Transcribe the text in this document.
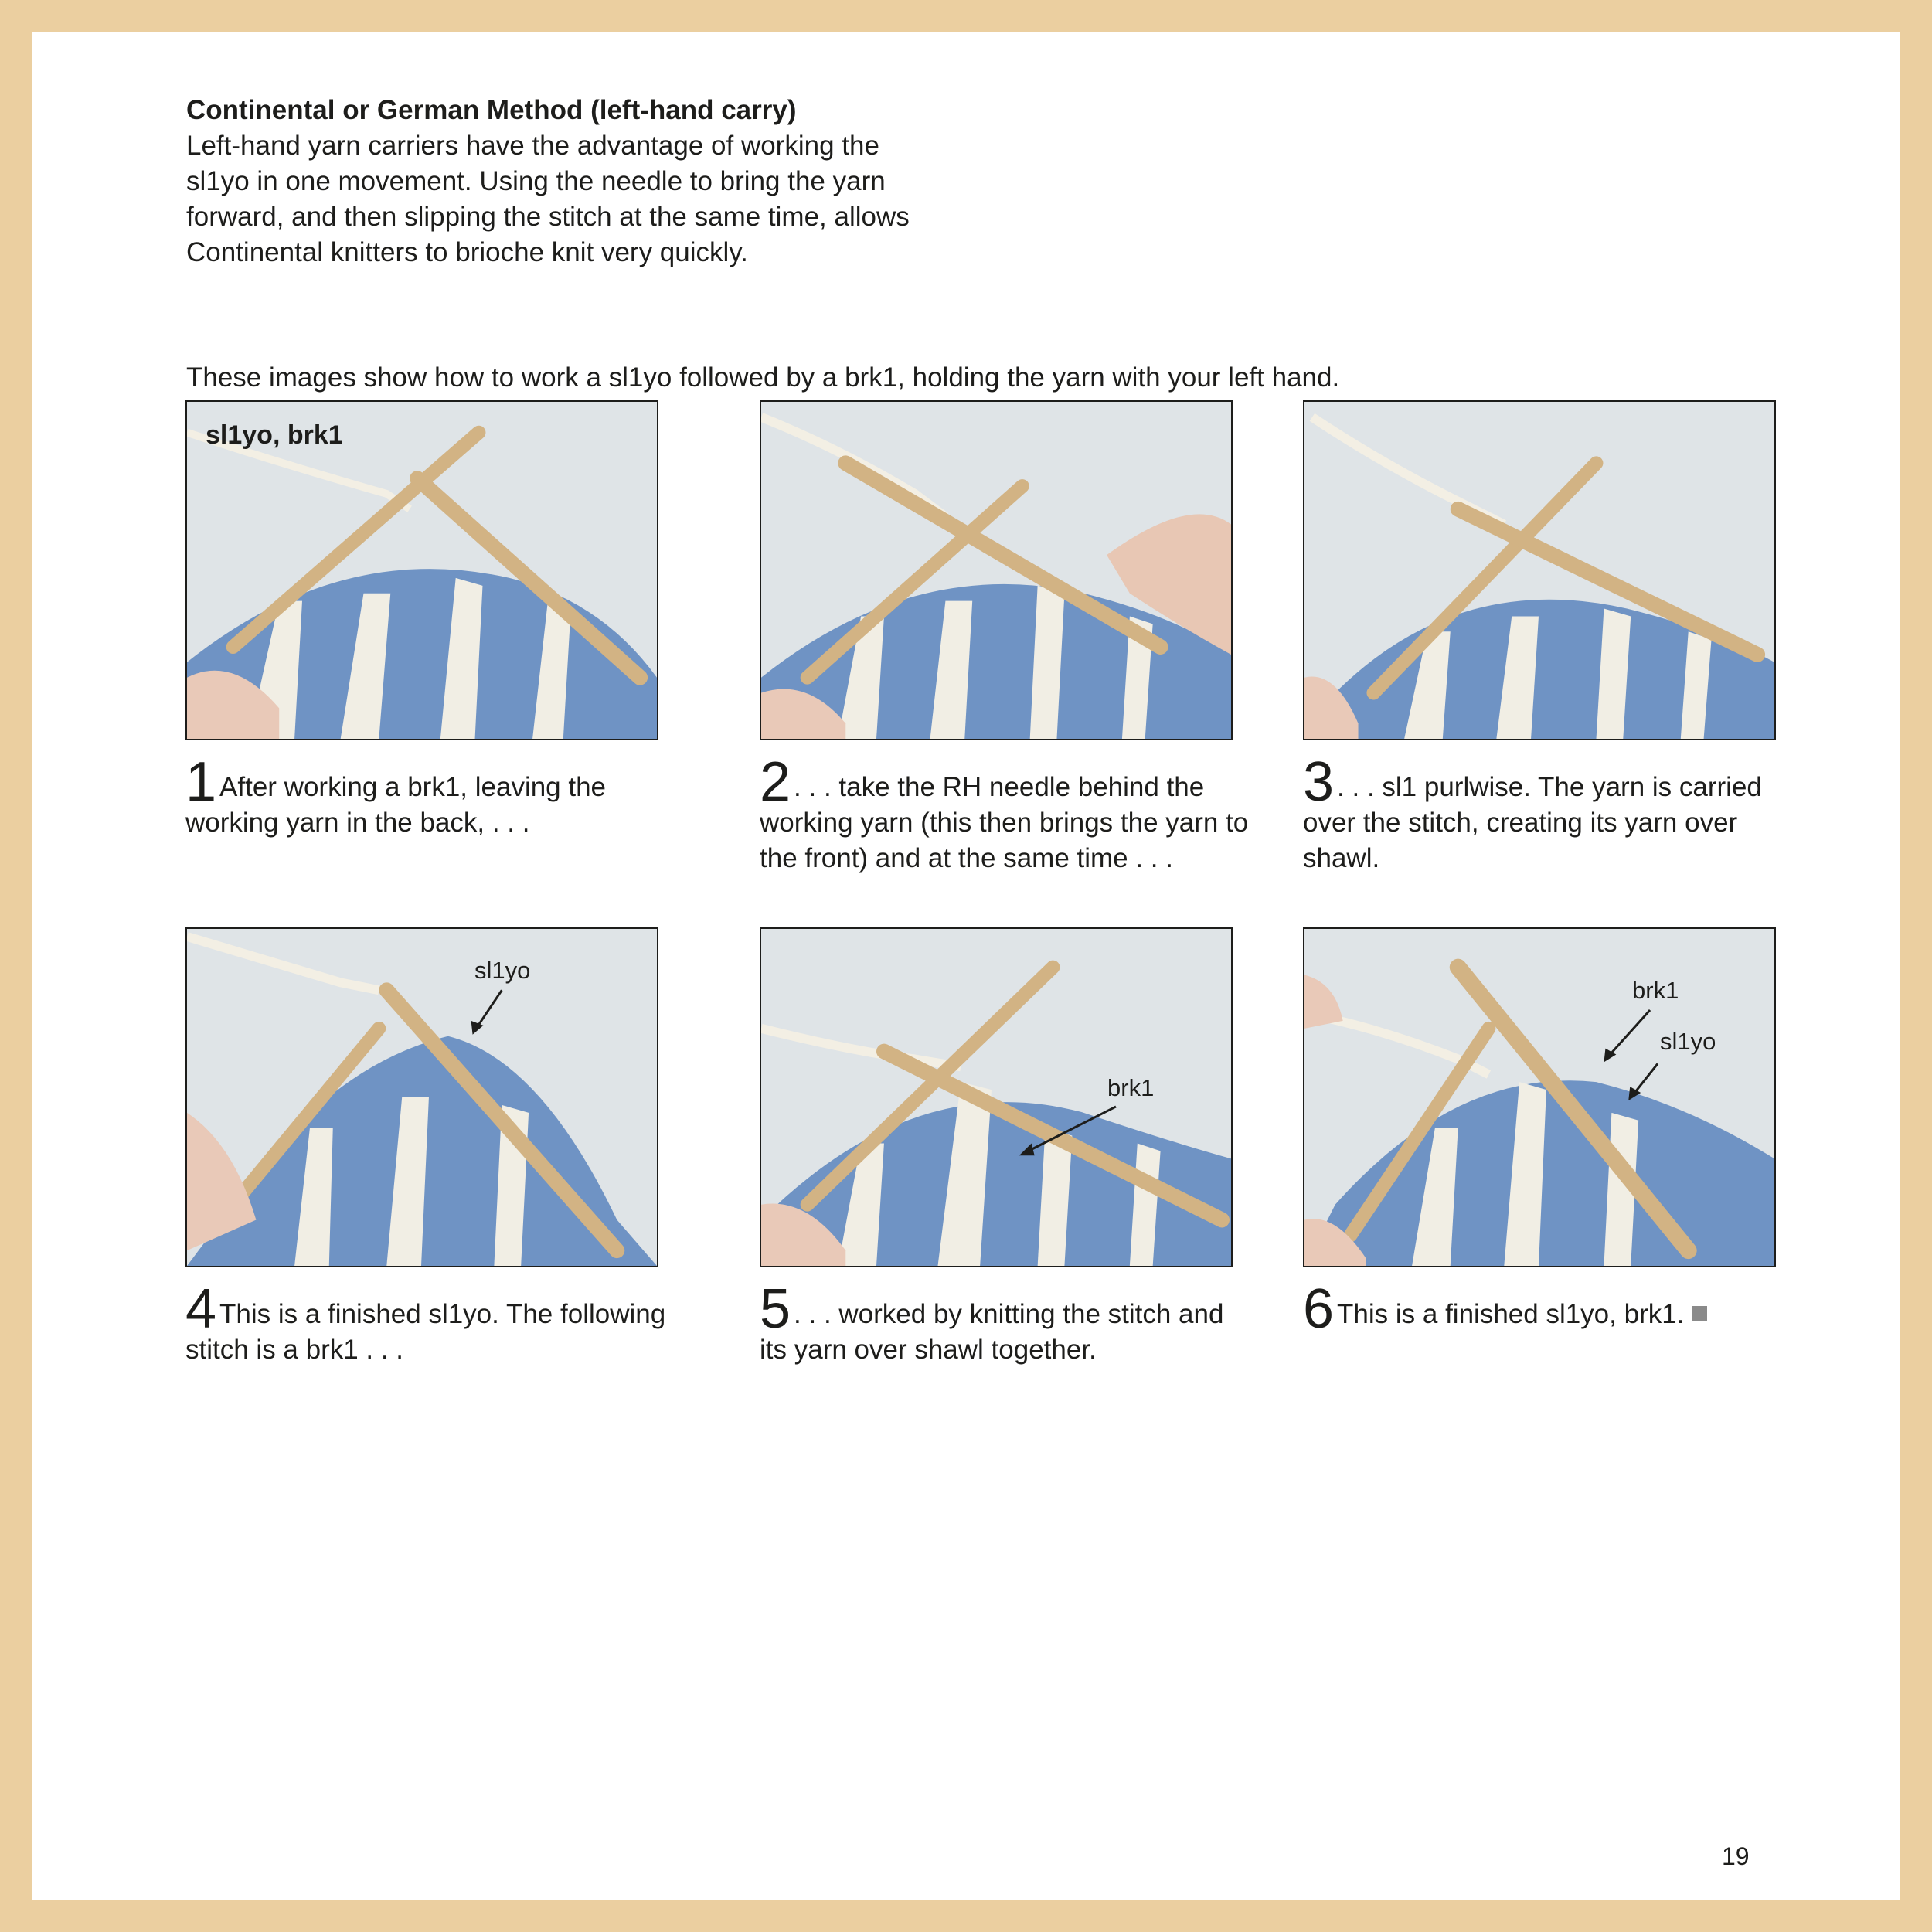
Continental or German Method (left-hand carry)

Left-hand yarn carriers have the advantage of working the sl1yo in one movement. Using the needle to bring the yarn forward, and then slipping the stitch at the same time, allows Continental knitters to brioche knit very quickly.

These images show how to work a sl1yo followed by a brk1, holding the yarn with your left hand.

sl1yo, brk1
sl1yo
brk1
brk1
sl1yo
1 After working a brk1, leaving the working yarn in the back, . . .
2 . . . take the RH needle behind the working yarn (this then brings the yarn to the front) and at the same time . . .
3 . . . sl1 purlwise. The yarn is carried over the stitch, creating its yarn over shawl.
4 This is a finished sl1yo. The following stitch is a brk1 . . .
5 . . . worked by knitting the stitch and its yarn over shawl together.
6 This is a finished sl1yo, brk1.
19
